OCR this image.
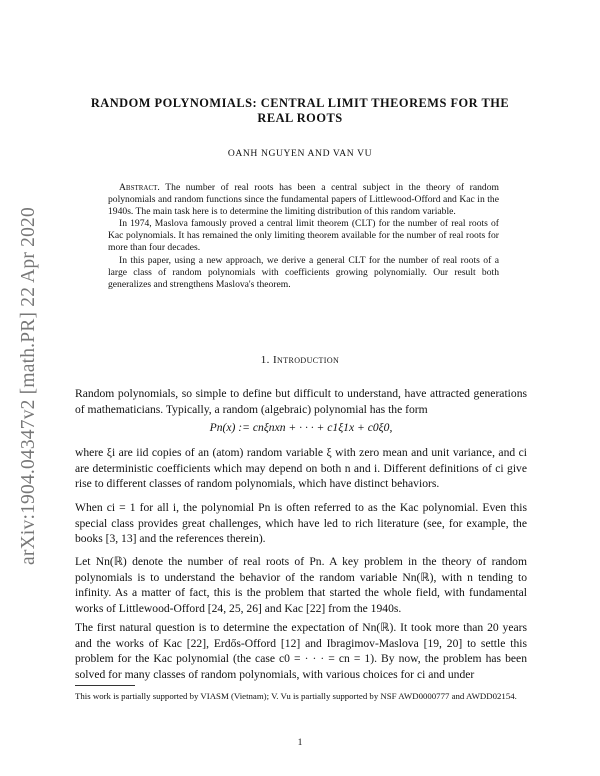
arXiv:1904.04347v2 [math.PR] 22 Apr 2020
RANDOM POLYNOMIALS: CENTRAL LIMIT THEOREMS FOR THE
REAL ROOTS
OANH NGUYEN AND VAN VU

Abstract. The number of real roots has been a central subject in the theory of random polynomials and random functions since the fundamental papers of Littlewood-Offord and Kac in the 1940s. The main task here is to determine the limiting distribution of this random variable.

In 1974, Maslova famously proved a central limit theorem (CLT) for the number of real roots of Kac polynomials. It has remained the only limiting theorem available for the number of real roots for more than four decades.

In this paper, using a new approach, we derive a general CLT for the number of real roots of a large class of random polynomials with coefficients growing polynomially. Our result both generalizes and strengthens Maslova's theorem.

1. Introduction

Random polynomials, so simple to define but difficult to understand, have attracted generations of mathematicians. Typically, a random (algebraic) polynomial has the form

Pn(x) := cnξnxn + · · · + c1ξ1x + c0ξ0,

where ξi are iid copies of an (atom) random variable ξ with zero mean and unit variance, and ci are deterministic coefficients which may depend on both n and i. Different definitions of ci give rise to different classes of random polynomials, which have distinct behaviors.

When ci = 1 for all i, the polynomial Pn is often referred to as the Kac polynomial. Even this special class provides great challenges, which have led to rich literature (see, for example, the books [3, 13] and the references therein).

Let Nn(ℝ) denote the number of real roots of Pn. A key problem in the theory of random polynomials is to understand the behavior of the random variable Nn(ℝ), with n tending to infinity. As a matter of fact, this is the problem that started the whole field, with fundamental works of Littlewood-Offord [24, 25, 26] and Kac [22] from the 1940s.

The first natural question is to determine the expectation of Nn(ℝ). It took more than 20 years and the works of Kac [22], Erdős-Offord [12] and Ibragimov-Maslova [19, 20] to settle this problem for the Kac polynomial (the case c0 = · · · = cn = 1). By now, the problem has been solved for many classes of random polynomials, with various choices for ci and under

This work is partially supported by VIASM (Vietnam); V. Vu is partially supported by NSF AWD0000777 and AWDD02154.
1
